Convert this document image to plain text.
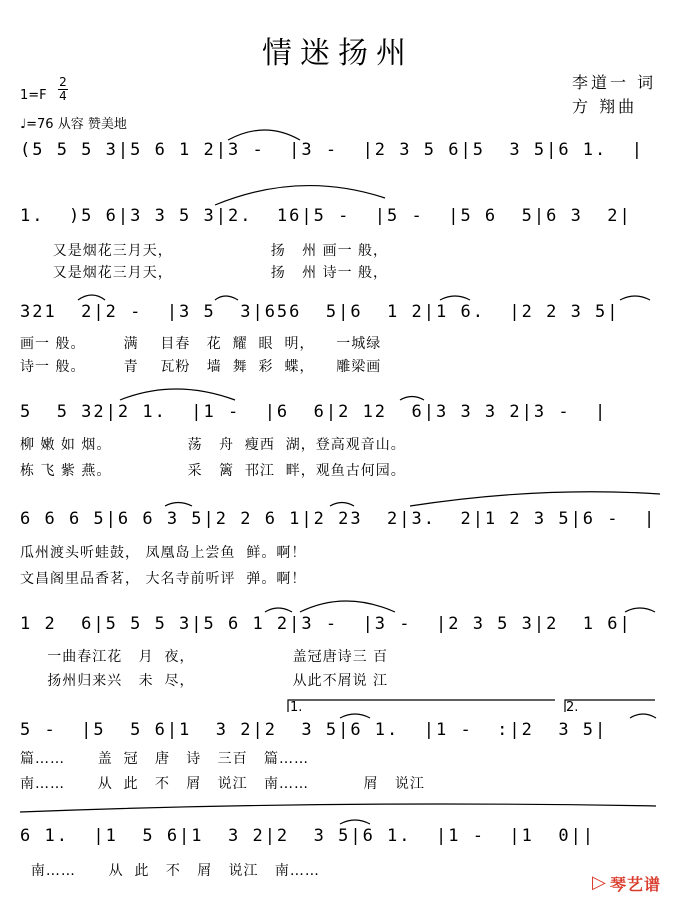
情迷扬州
李道一 词
方 翔曲
$1=F \frac{2}{4}$
♩=76 从容 赞美地
(5 5 5 3|5 6 1 2|3 -  |3 -  |2 3 5 6|5  3 5|6 1.  |
1.  )5 6|3 3 5 3|2.  16|5 -  |5 -  |5 6  5|6 3  2|
又是烟花三月天，                  扬   州 画一 般，
又是烟花三月天，                  扬   州 诗一 般，
321  2|2 -  |3 5  3|656  5|6  1 2|1 6.  |2 2 3 5|
画一 般。       满    目春   花  耀  眼  明，    一城绿
诗一 般。       青    瓦粉   墙  舞  彩  蝶，    雕梁画
5  5 32|2 1.  |1 -  |6  6|2 12  6|3 3 3 2|3 -  |
柳 嫩 如 烟。              荡   舟  瘦西  湖，登高观音山。
栋 飞 紫 燕。              采   篱  邗江  畔，观鱼古何园。
6 6 6 5|6 6 3 5|2 2 6 1|2 23  2|3.  2|1 2 3 5|6 -  |
瓜州渡头听蛙鼓， 凤凰岛上尝鱼  鲜。啊！
文昌阁里品香茗， 大名寺前听评  弹。啊！
1 2  6|5 5 5 3|5 6 1 2|3 -  |3 -  |2 3 5 3|2  1 6|
一曲春江花   月  夜，                  盖冠唐诗三 百
扬州归来兴   未  尽，                  从此不屑说 江
1.	2.
5 -  |5  5 6|1  3 2|2  3 5|6 1.  |1 -  :|2  3 5|
篇……      盖  冠   唐   诗   三百   篇……
南……      从  此   不   屑   说江   南……          屑   说江
6 1.  |1  5 6|1  3 2|2  3 5|6 1.  |1 -  |1  0||
南……      从  此   不   屑   说江   南……
▷ 琴艺谱
